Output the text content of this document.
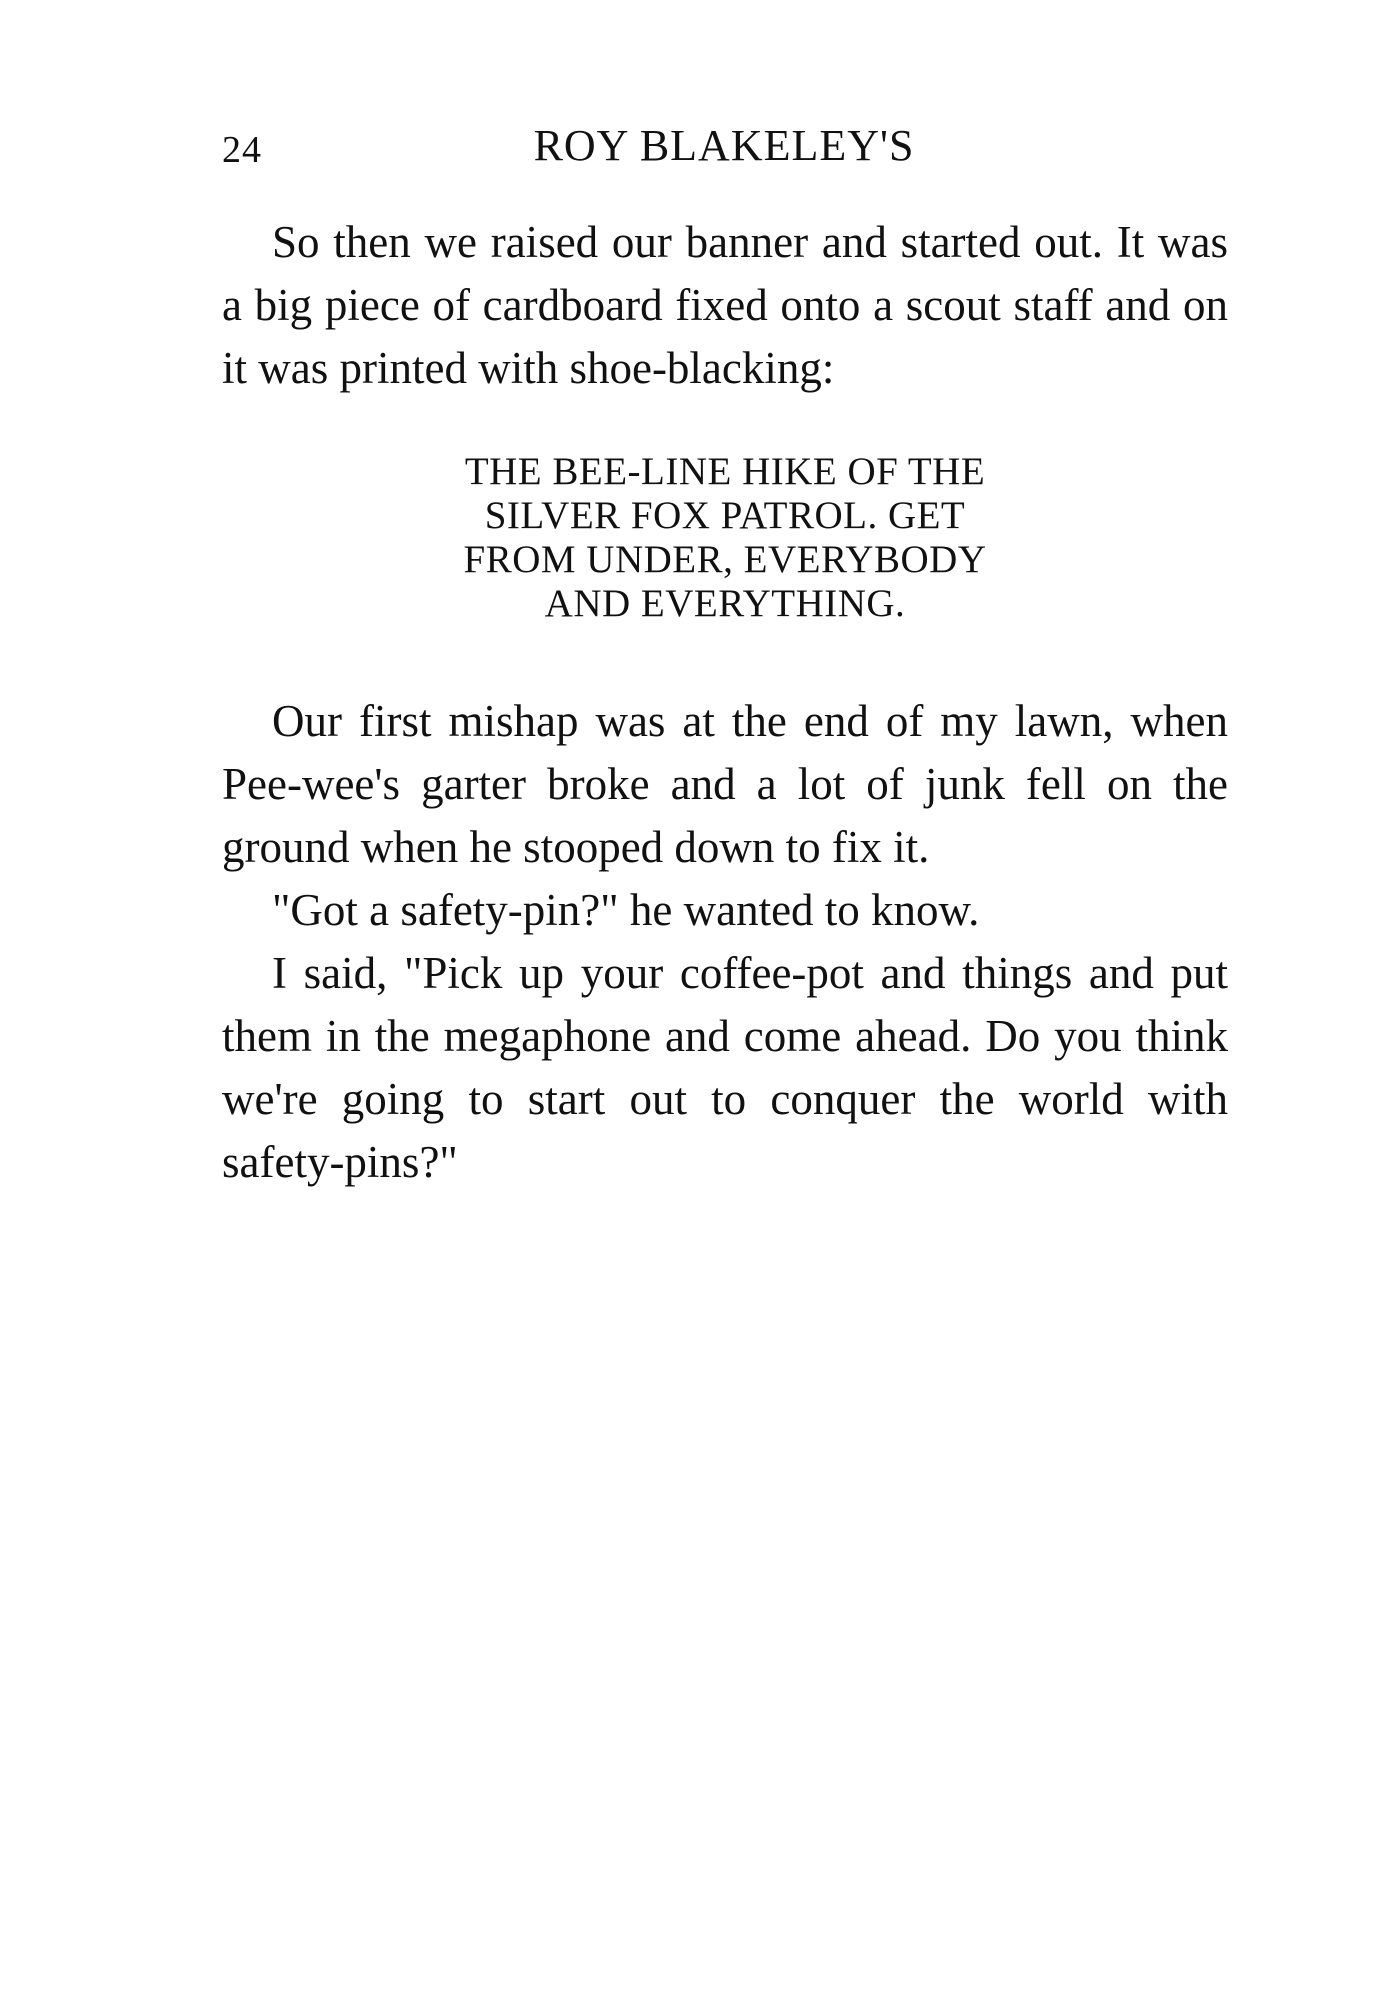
24	ROY BLAKELEY'S

So then we raised our banner and started out. It was a big piece of cardboard fixed onto a scout staff and on it was printed with shoe-blacking:

THE BEE-LINE HIKE OF THE
SILVER FOX PATROL. GET
FROM UNDER, EVERYBODY
AND EVERYTHING.

Our first mishap was at the end of my lawn, when Pee-wee's garter broke and a lot of junk fell on the ground when he stooped down to fix it.

"Got a safety-pin?" he wanted to know.

I said, "Pick up your coffee-pot and things and put them in the megaphone and come ahead. Do you think we're going to start out to conquer the world with safety-pins?"
